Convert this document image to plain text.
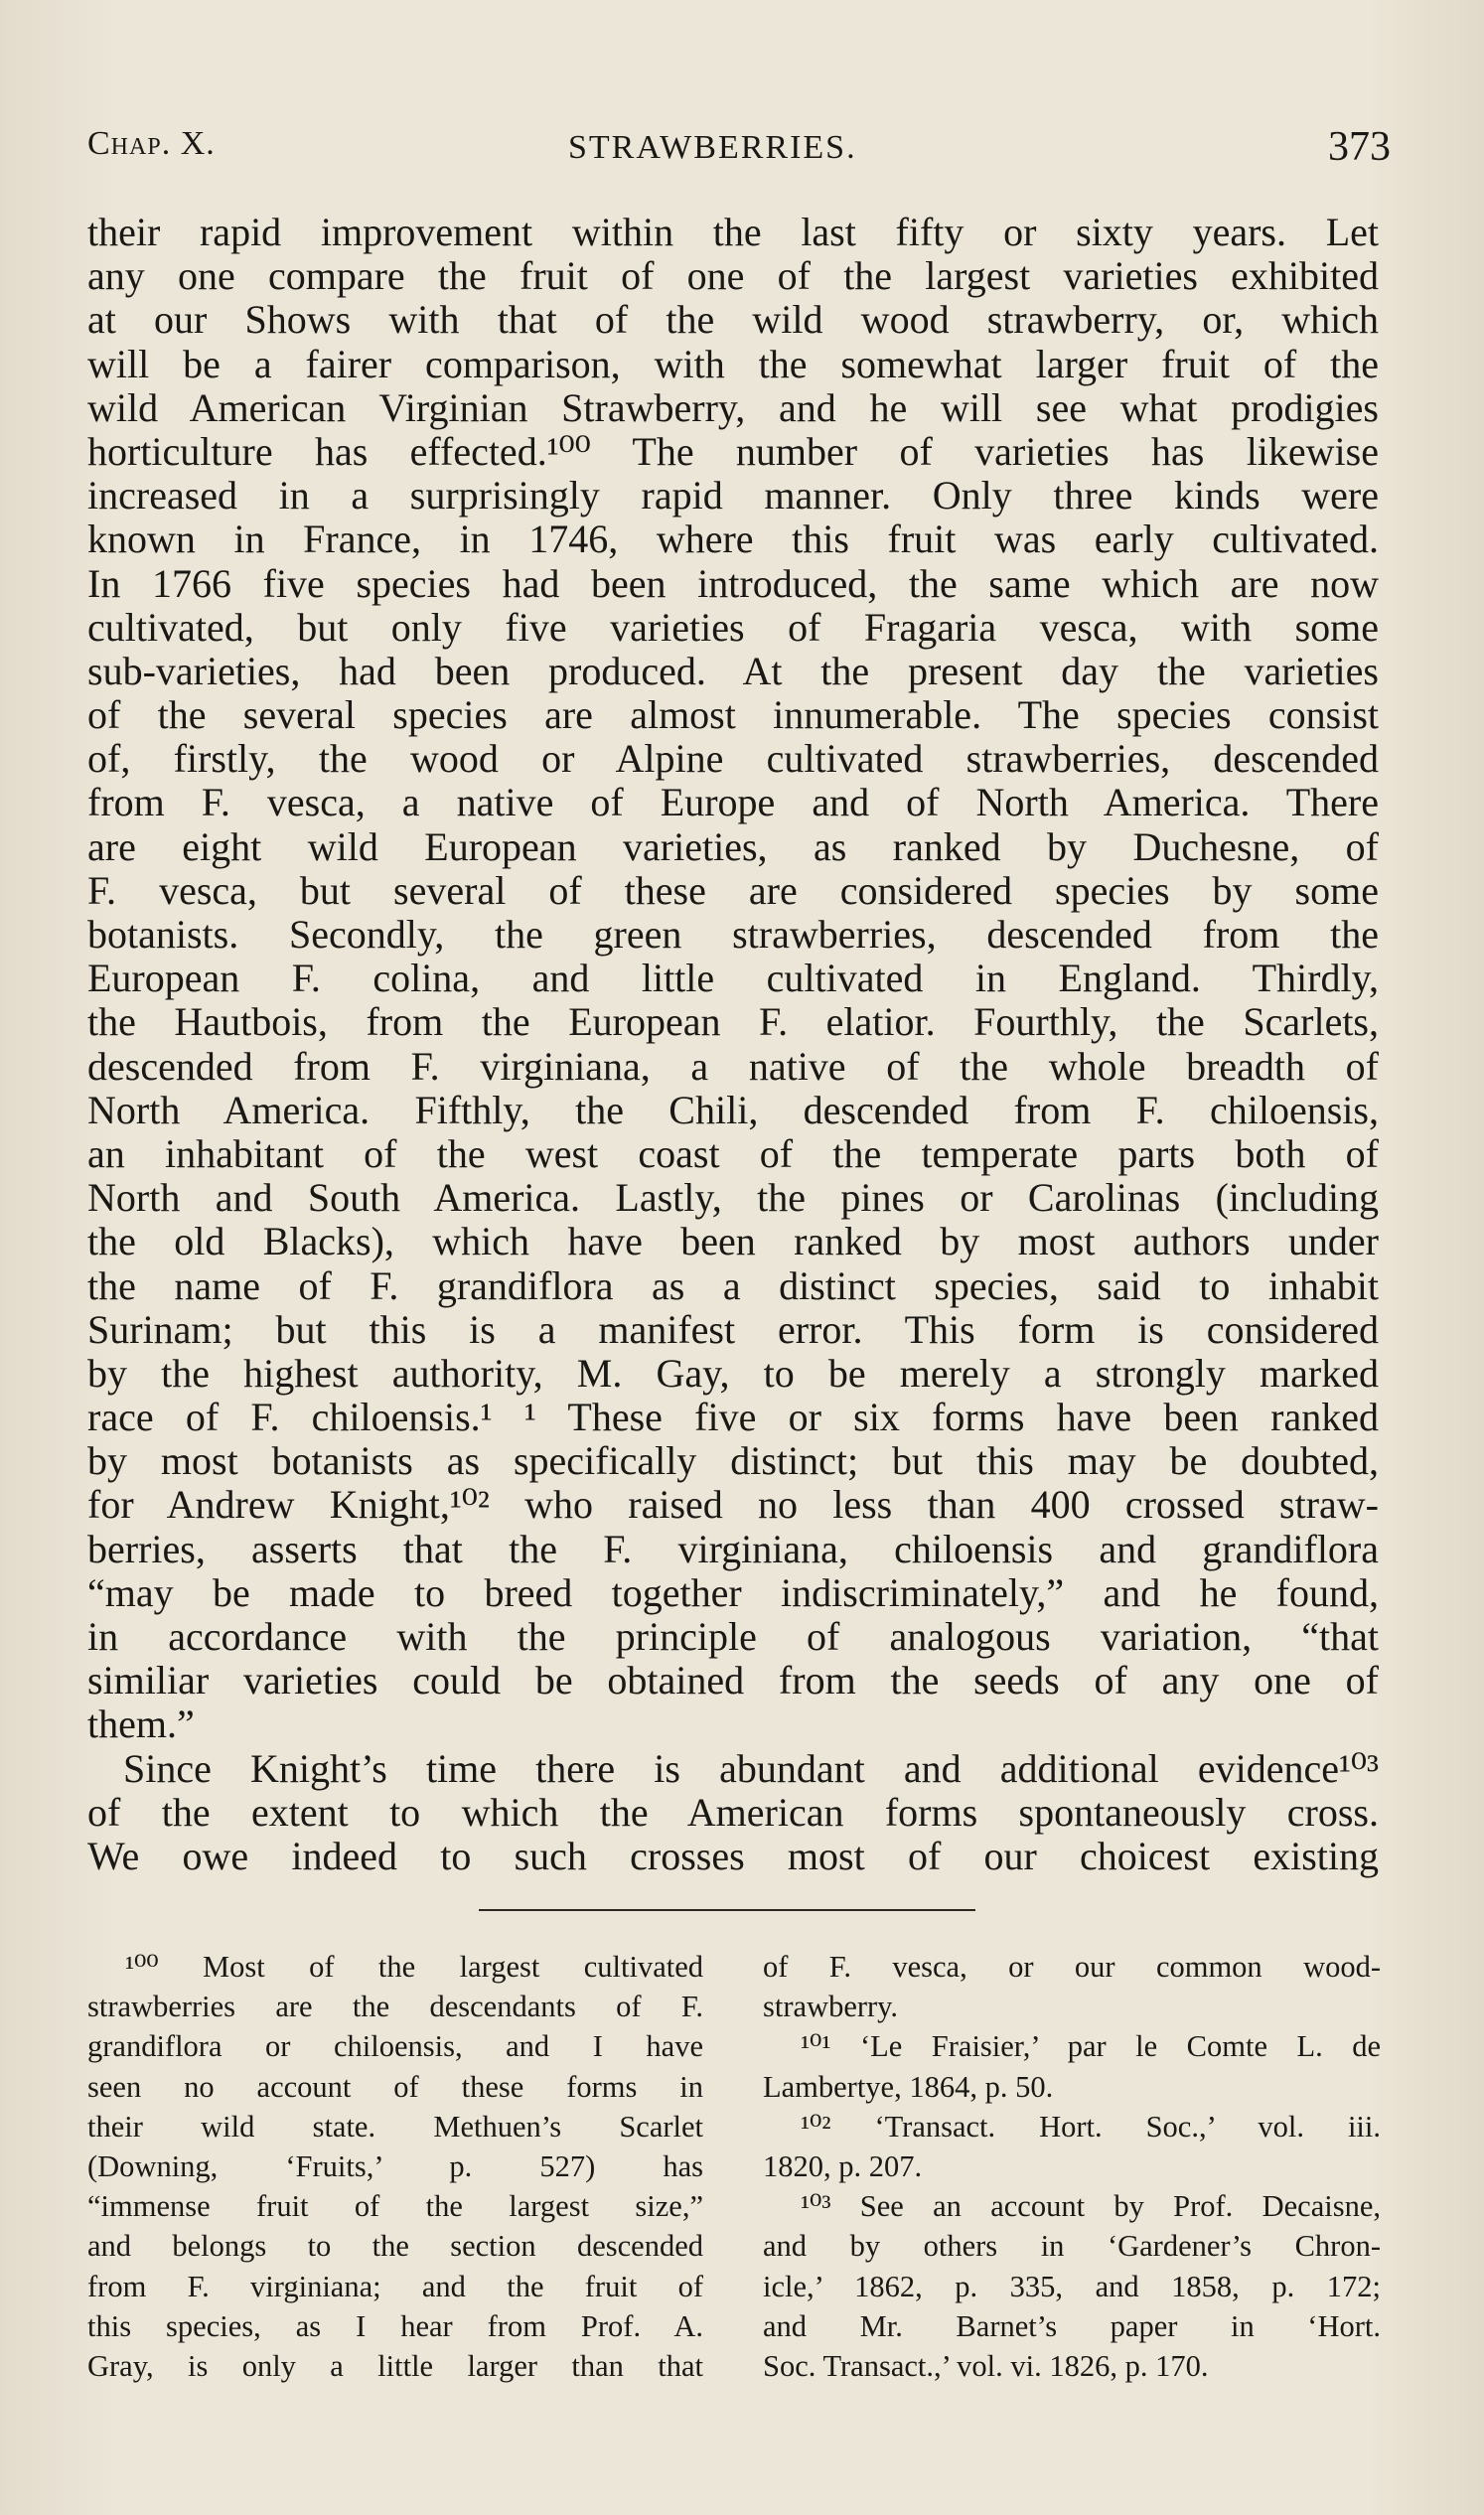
Chap. X.	STRAWBERRIES.	373
their rapid improvement within the last fifty or sixty years. Let
any one compare the fruit of one of the largest varieties exhibited
at our Shows with that of the wild wood strawberry, or, which
will be a fairer comparison, with the somewhat larger fruit of the
wild American Virginian Strawberry, and he will see what prodigies
horticulture has effected.¹⁰⁰ The number of varieties has likewise
increased in a surprisingly rapid manner. Only three kinds were
known in France, in 1746, where this fruit was early cultivated.
In 1766 five species had been introduced, the same which are now
cultivated, but only five varieties of Fragaria vesca, with some
sub-varieties, had been produced. At the present day the varieties
of the several species are almost innumerable. The species consist
of, firstly, the wood or Alpine cultivated strawberries, descended
from F. vesca, a native of Europe and of North America. There
are eight wild European varieties, as ranked by Duchesne, of
F. vesca, but several of these are considered species by some
botanists. Secondly, the green strawberries, descended from the
European F. colina, and little cultivated in England. Thirdly,
the Hautbois, from the European F. elatior. Fourthly, the Scarlets,
descended from F. virginiana, a native of the whole breadth of
North America. Fifthly, the Chili, descended from F. chiloensis,
an inhabitant of the west coast of the temperate parts both of
North and South America. Lastly, the pines or Carolinas (including
the old Blacks), which have been ranked by most authors under
the name of F. grandiflora as a distinct species, said to inhabit
Surinam; but this is a manifest error. This form is considered
by the highest authority, M. Gay, to be merely a strongly marked
race of F. chiloensis.¹ ¹ These five or six forms have been ranked
by most botanists as specifically distinct; but this may be doubted,
for Andrew Knight,¹⁰² who raised no less than 400 crossed straw-
berries, asserts that the F. virginiana, chiloensis and grandiflora
“may be made to breed together indiscriminately,” and he found,
in accordance with the principle of analogous variation, “that
similiar varieties could be obtained from the seeds of any one of
them.”
Since Knight’s time there is abundant and additional evidence¹⁰³
of the extent to which the American forms spontaneously cross.
We owe indeed to such crosses most of our choicest existing
¹⁰⁰ Most of the largest cultivated
strawberries are the descendants of F.
grandiflora or chiloensis, and I have
seen no account of these forms in
their wild state. Methuen’s Scarlet
(Downing, ‘Fruits,’ p. 527) has
“immense fruit of the largest size,”
and belongs to the section descended
from F. virginiana; and the fruit of
this species, as I hear from Prof. A.
Gray, is only a little larger than that
of F. vesca, or our common wood-
strawberry.
¹⁰¹ ‘Le Fraisier,’ par le Comte L. de
Lambertye, 1864, p. 50.
¹⁰² ‘Transact. Hort. Soc.,’ vol. iii.
1820, p. 207.
¹⁰³ See an account by Prof. Decaisne,
and by others in ‘Gardener’s Chron-
icle,’ 1862, p. 335, and 1858, p. 172;
and Mr. Barnet’s paper in ‘Hort.
Soc. Transact.,’ vol. vi. 1826, p. 170.
